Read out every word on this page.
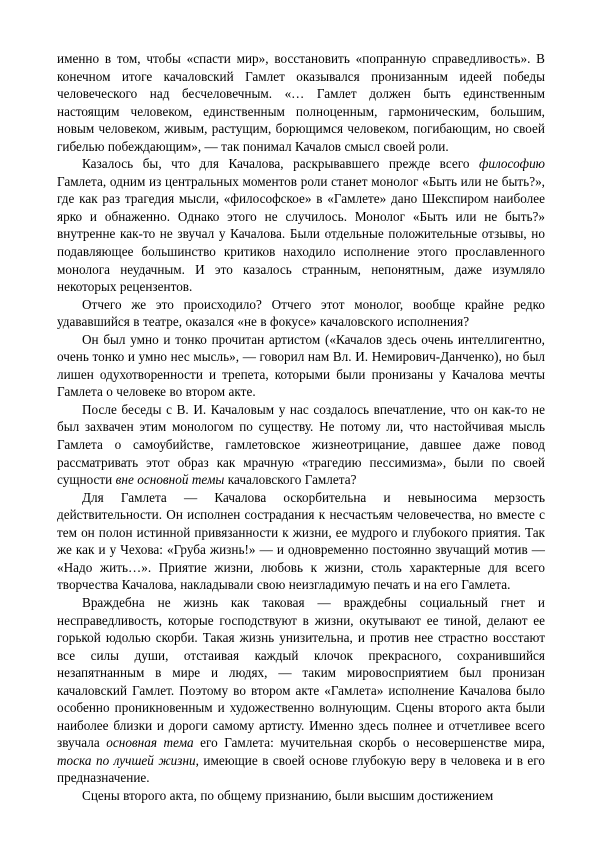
именно в том, чтобы «спасти мир», восстановить «попранную справедливость». В конечном итоге качаловский Гамлет оказывался пронизанным идеей победы человеческого над бесчеловечным. «… Гамлет должен быть единственным настоящим человеком, единственным полноценным, гармоническим, большим, новым человеком, живым, растущим, борющимся человеком, погибающим, но своей гибелью побеждающим», — так понимал Качалов смысл своей роли.

Казалось бы, что для Качалова, раскрывавшего прежде всего философию Гамлета, одним из центральных моментов роли станет монолог «Быть или не быть?», где как раз трагедия мысли, «философское» в «Гамлете» дано Шекспиром наиболее ярко и обнаженно. Однако этого не случилось. Монолог «Быть или не быть?» внутренне как-то не звучал у Качалова. Были отдельные положительные отзывы, но подавляющее большинство критиков находило исполнение этого прославленного монолога неудачным. И это казалось странным, непонятным, даже изумляло некоторых рецензентов.

Отчего же это происходило? Отчего этот монолог, вообще крайне редко удававшийся в театре, оказался «не в фокусе» качаловского исполнения?

Он был умно и тонко прочитан артистом («Качалов здесь очень интеллигентно, очень тонко и умно нес мысль», — говорил нам Вл. И. Немирович-Данченко), но был лишен одухотворенности и трепета, которыми были пронизаны у Качалова мечты Гамлета о человеке во втором акте.

После беседы с В. И. Качаловым у нас создалось впечатление, что он как-то не был захвачен этим монологом по существу. Не потому ли, что настойчивая мысль Гамлета о самоубийстве, гамлетовское жизнеотрицание, давшее даже повод рассматривать этот образ как мрачную «трагедию пессимизма», были по своей сущности вне основной темы качаловского Гамлета?

Для Гамлета — Качалова оскорбительна и невыносима мерзость действительности. Он исполнен сострадания к несчастьям человечества, но вместе с тем он полон истинной привязанности к жизни, ее мудрого и глубокого приятия. Так же как и у Чехова: «Груба жизнь!» — и одновременно постоянно звучащий мотив — «Надо жить…». Приятие жизни, любовь к жизни, столь характерные для всего творчества Качалова, накладывали свою неизгладимую печать и на его Гамлета.

Враждебна не жизнь как таковая — враждебны социальный гнет и несправедливость, которые господствуют в жизни, окутывают ее тиной, делают ее горькой юдолью скорби. Такая жизнь унизительна, и против нее страстно восстают все силы души, отстаивая каждый клочок прекрасного, сохранившийся незапятнанным в мире и людях, — таким мировосприятием был пронизан качаловский Гамлет. Поэтому во втором акте «Гамлета» исполнение Качалова было особенно проникновенным и художественно волнующим. Сцены второго акта были наиболее близки и дороги самому артисту. Именно здесь полнее и отчетливее всего звучала основная тема его Гамлета: мучительная скорбь о несовершенстве мира, тоска по лучшей жизни, имеющие в своей основе глубокую веру в человека и в его предназначение.

Сцены второго акта, по общему признанию, были высшим достижением
